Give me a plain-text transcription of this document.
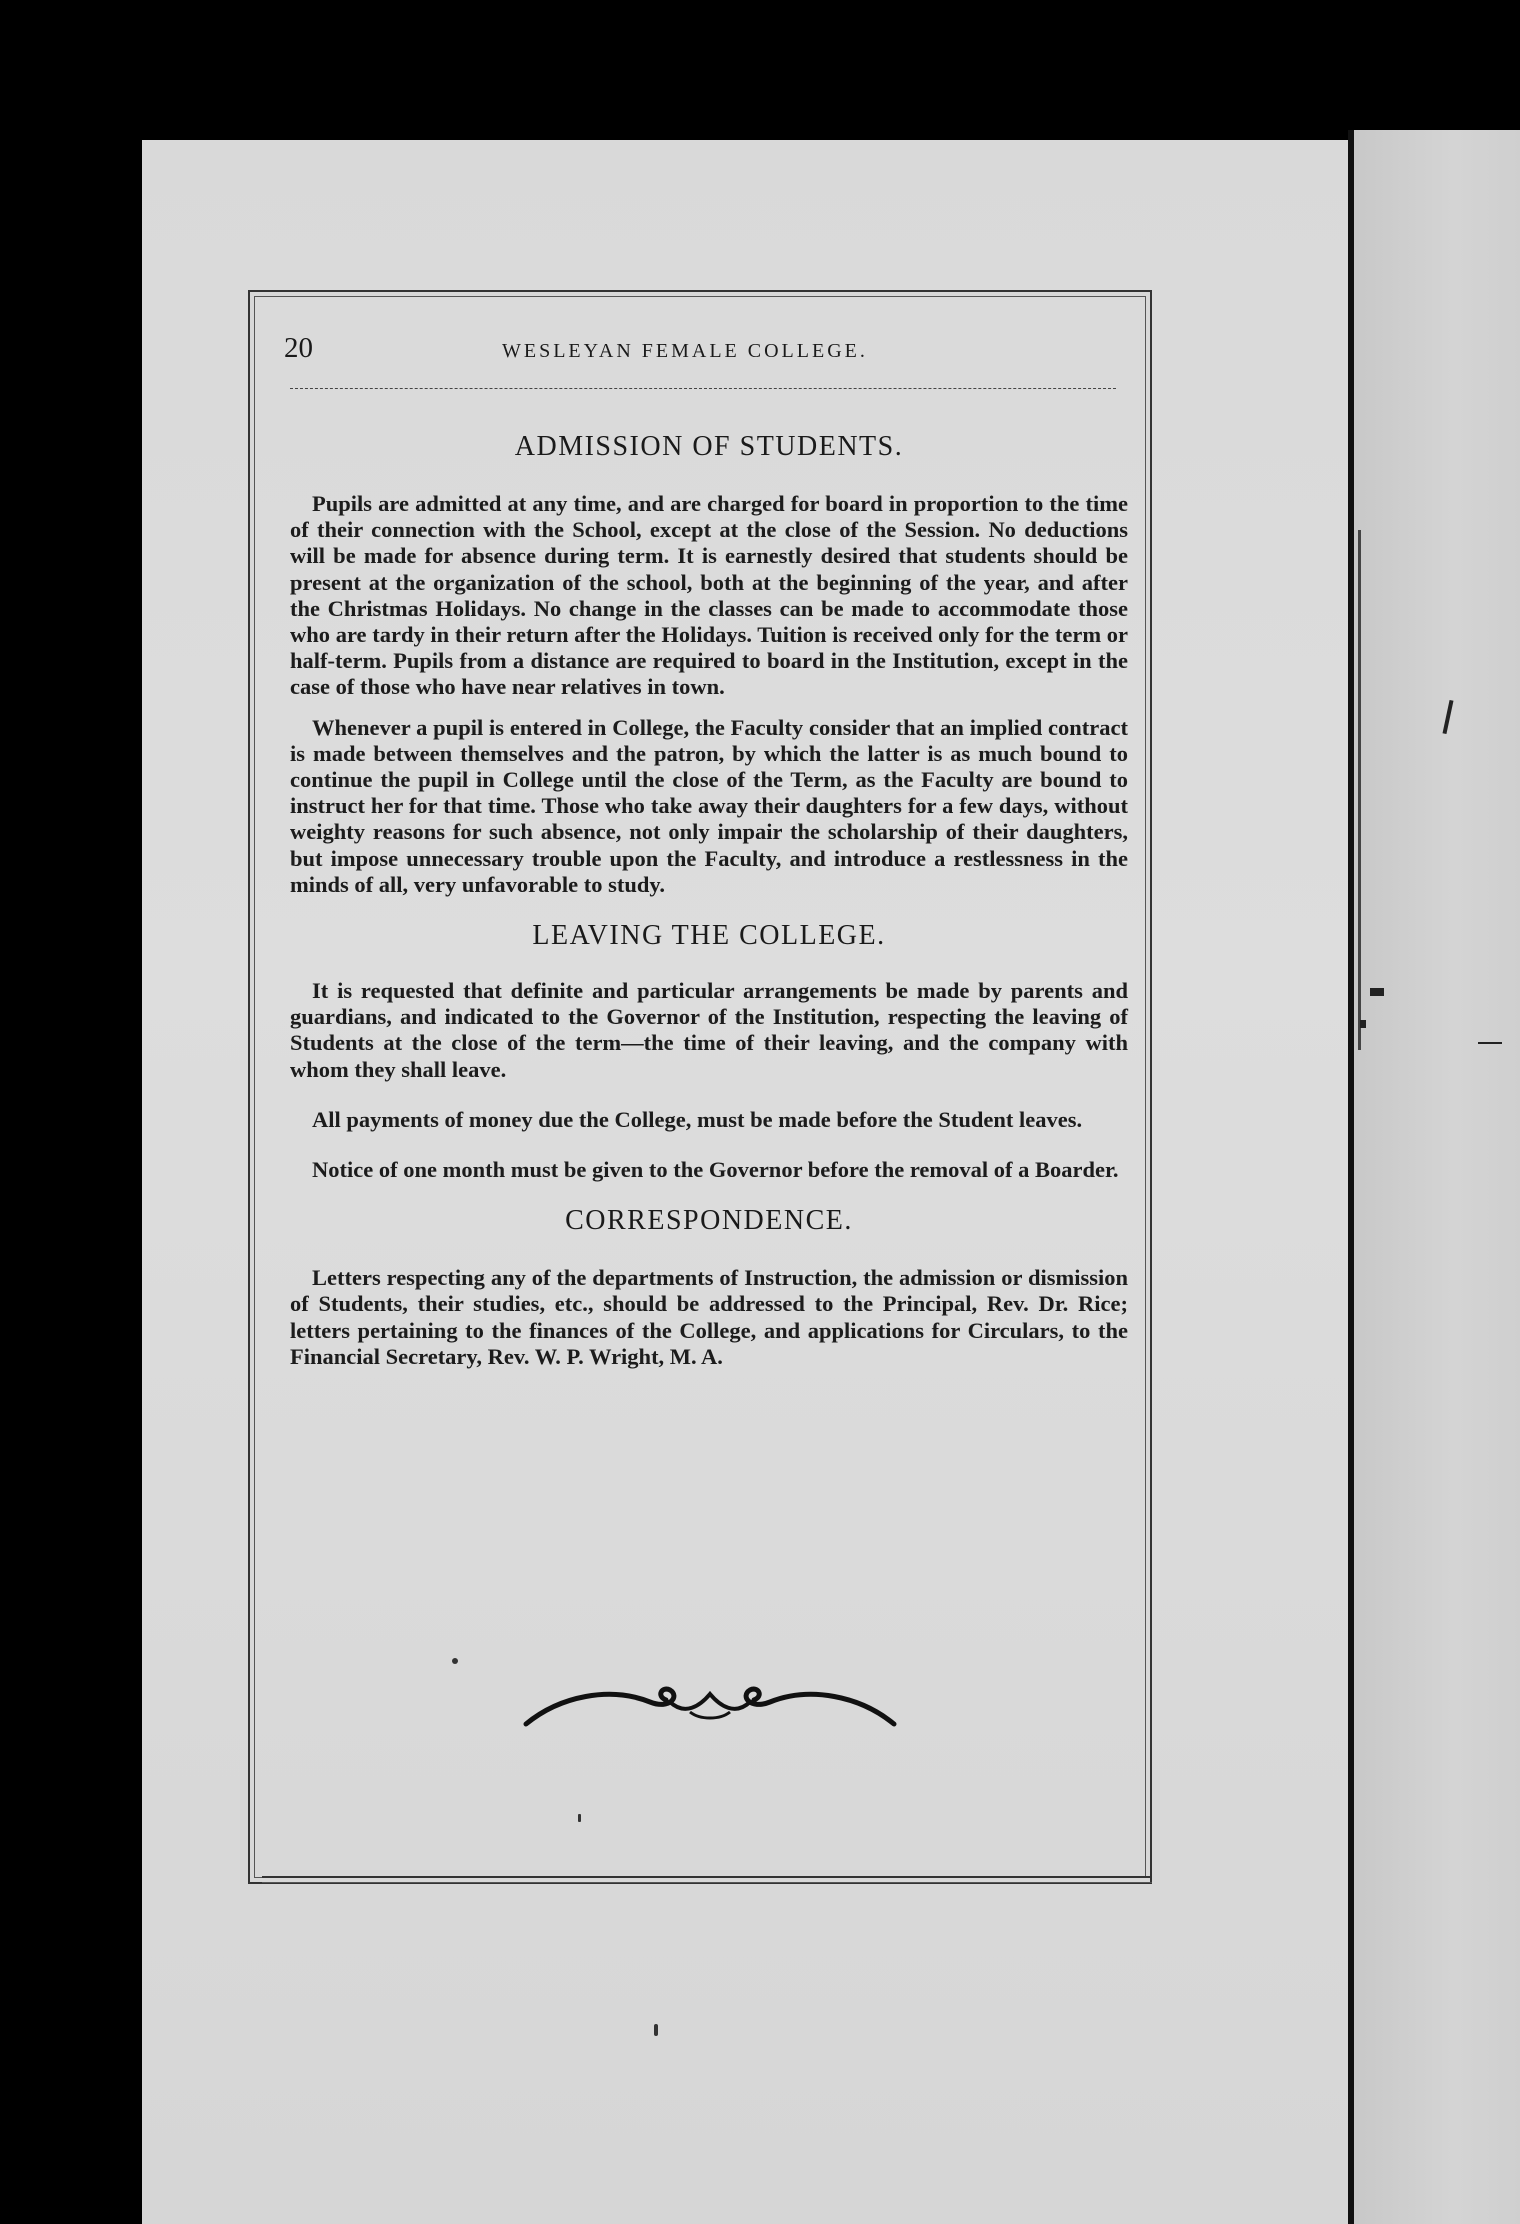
20	WESLEYAN FEMALE COLLEGE.
ADMISSION OF STUDENTS.

Pupils are admitted at any time, and are charged for board in proportion to the time of their connection with the School, except at the close of the Session. No deductions will be made for absence during term. It is earnestly desired that students should be present at the organization of the school, both at the beginning of the year, and after the Christmas Holidays. No change in the classes can be made to accommodate those who are tardy in their return after the Holidays. Tuition is received only for the term or half-term. Pupils from a distance are required to board in the Institution, except in the case of those who have near relatives in town.

Whenever a pupil is entered in College, the Faculty consider that an implied contract is made between themselves and the patron, by which the latter is as much bound to continue the pupil in College until the close of the Term, as the Faculty are bound to instruct her for that time. Those who take away their daughters for a few days, without weighty reasons for such absence, not only impair the scholarship of their daughters, but impose unnecessary trouble upon the Faculty, and introduce a restlessness in the minds of all, very unfavorable to study.

LEAVING THE COLLEGE.

It is requested that definite and particular arrangements be made by parents and guardians, and indicated to the Governor of the Institution, respecting the leaving of Students at the close of the term—the time of their leaving, and the company with whom they shall leave.

All payments of money due the College, must be made before the Student leaves.

Notice of one month must be given to the Governor before the removal of a Boarder.

CORRESPONDENCE.

Letters respecting any of the departments of Instruction, the admission or dismission of Students, their studies, etc., should be addressed to the Principal, Rev. Dr. Rice; letters pertaining to the finances of the College, and applications for Circulars, to the Financial Secretary, Rev. W. P. Wright, M. A.
